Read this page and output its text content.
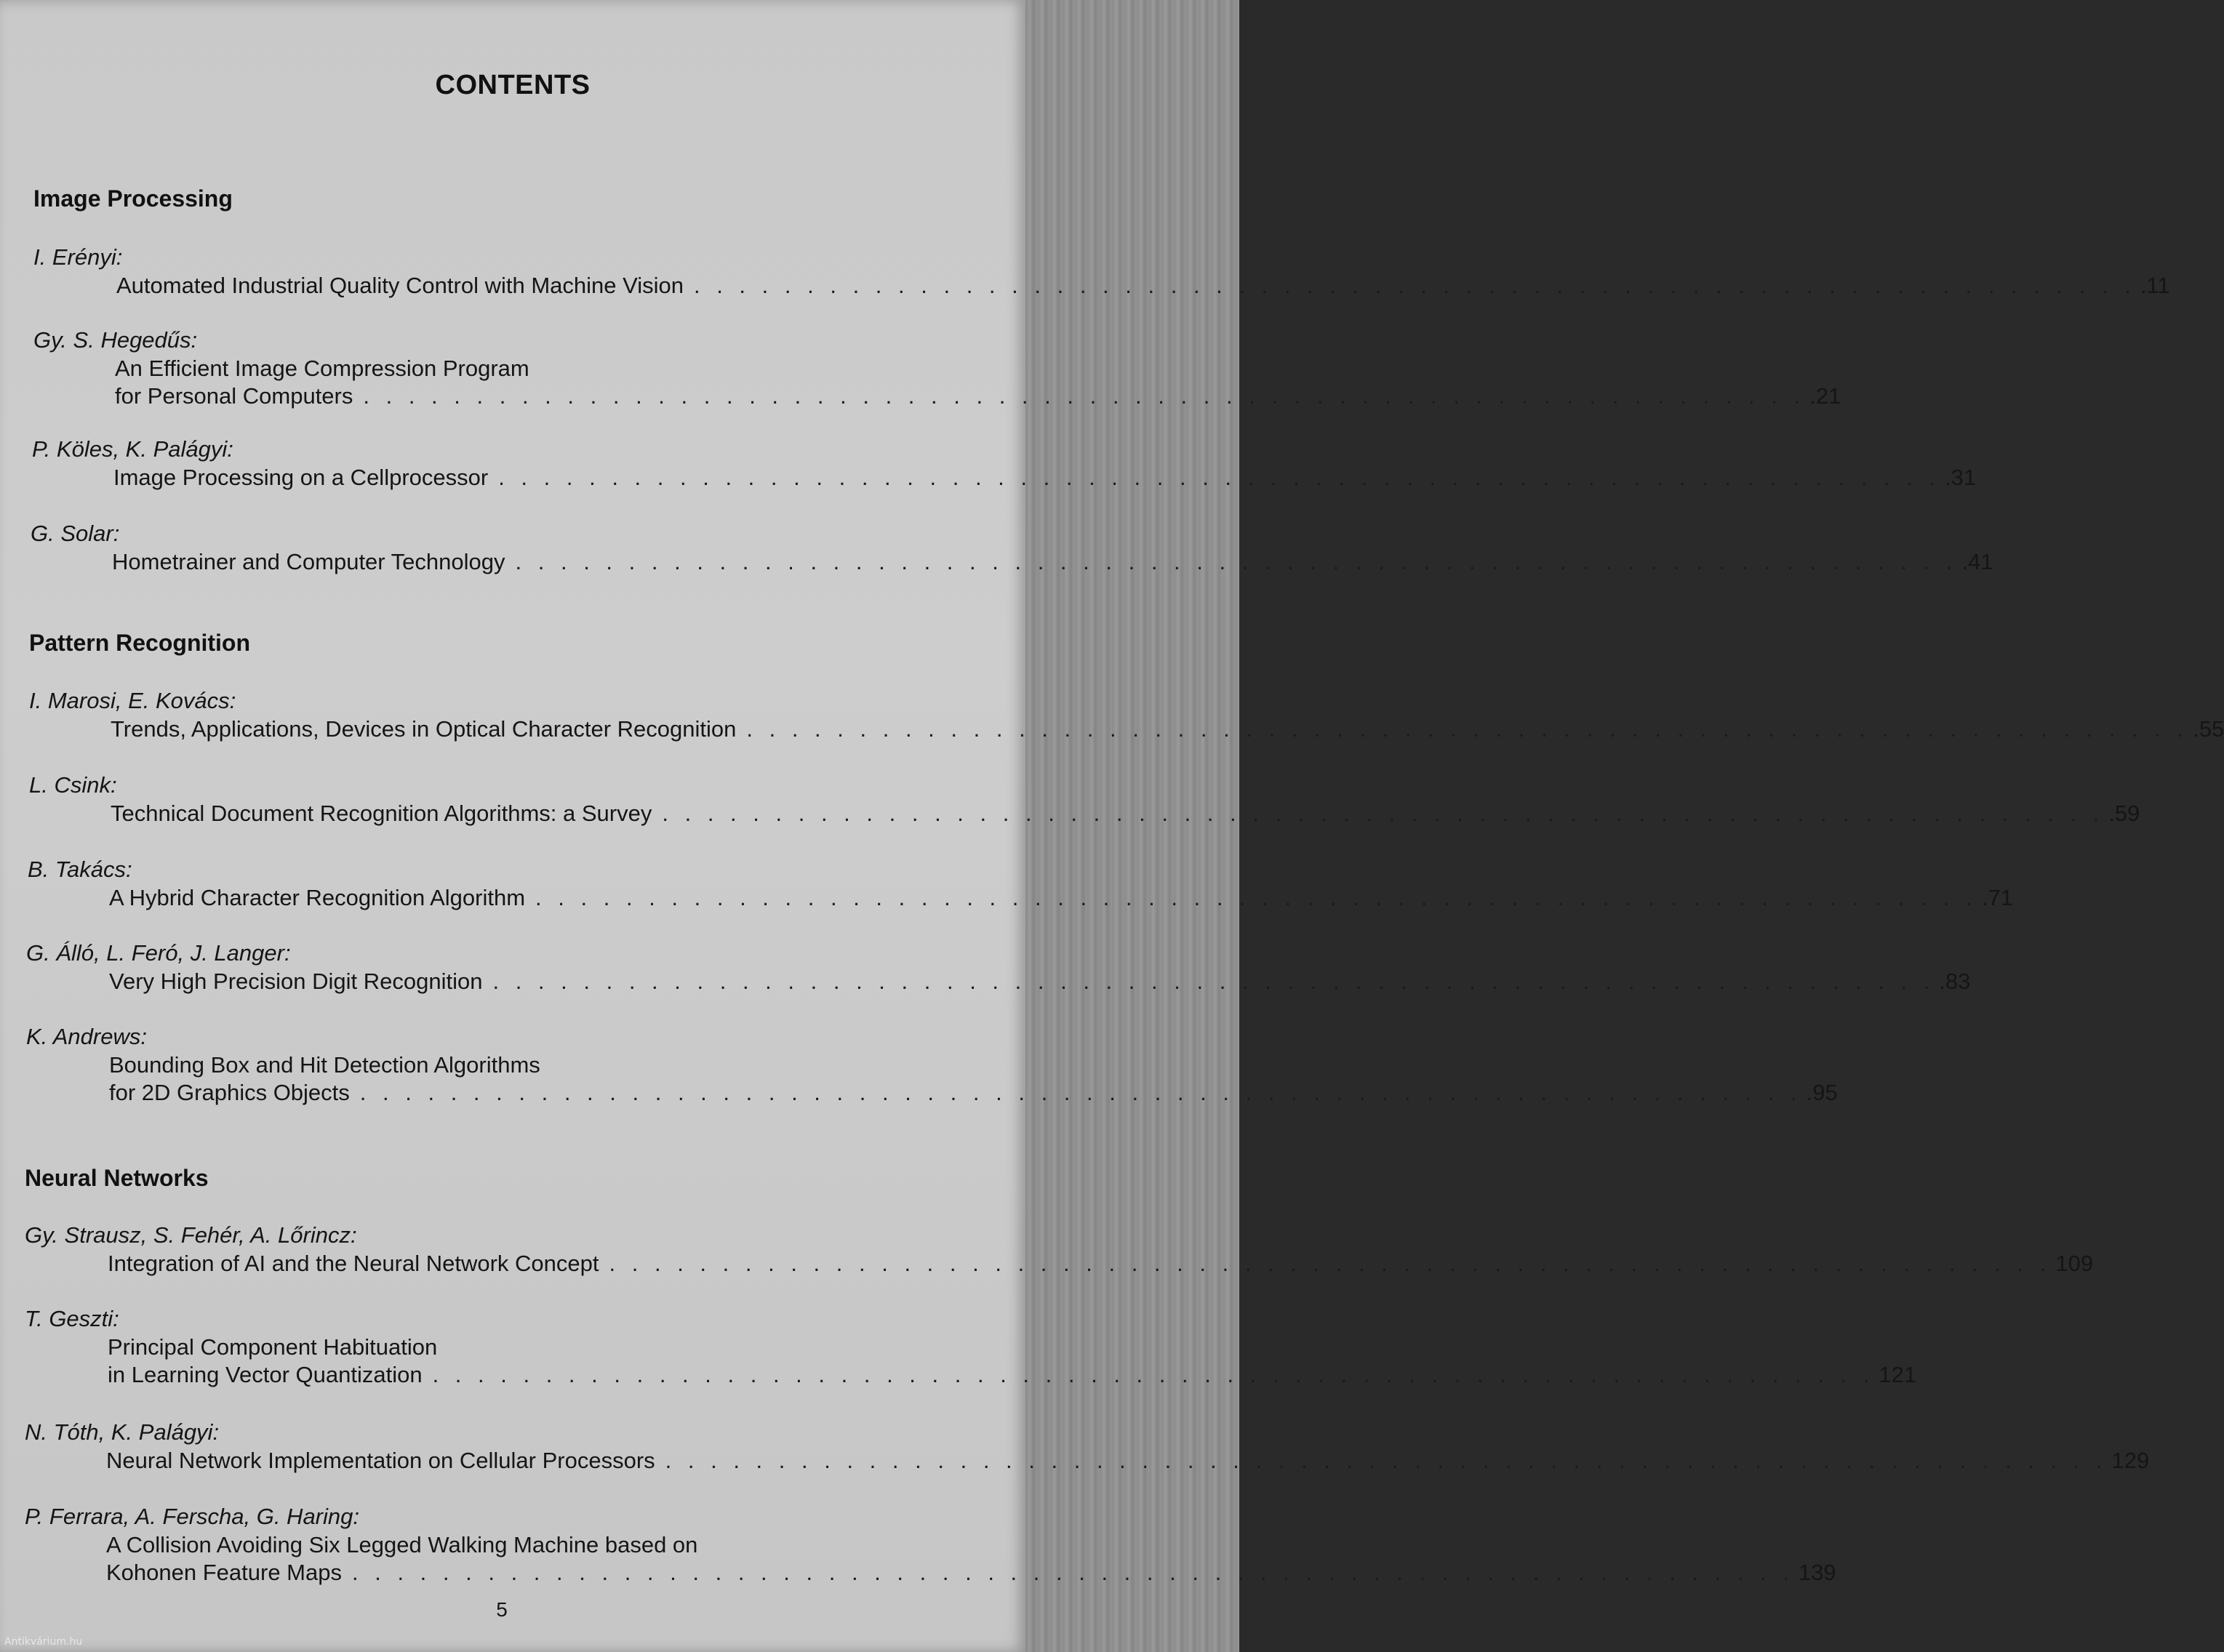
CONTENTS
Image Processing
I. Erényi:
Automated Industrial Quality Control with Machine Vision . . . . . . . . . . . . . . . . . . . . . . . . . . . . . . . . . . . . . . . . . . . . . . . . . . . . . . . . . . . . . . . . .11
Gy. S. Hegedűs:
An Efficient Image Compression Program
for Personal Computers . . . . . . . . . . . . . . . . . . . . . . . . . . . . . . . . . . . . . . . . . . . . . . . . . . . . . . . . . . . . . . . . .21
P. Köles, K. Palágyi:
Image Processing on a Cellprocessor . . . . . . . . . . . . . . . . . . . . . . . . . . . . . . . . . . . . . . . . . . . . . . . . . . . . . . . . . . . . . . . . .31
G. Solar:
Hometrainer and Computer Technology . . . . . . . . . . . . . . . . . . . . . . . . . . . . . . . . . . . . . . . . . . . . . . . . . . . . . . . . . . . . . . . . .41
Pattern Recognition
I. Marosi, E. Kovács:
Trends, Applications, Devices in Optical Character Recognition . . . . . . . . . . . . . . . . . . . . . . . . . . . . . . . . . . . . . . . . . . . . . . . . . . . . . . . . . . . . . . . . .55
L. Csink:
Technical Document Recognition Algorithms: a Survey . . . . . . . . . . . . . . . . . . . . . . . . . . . . . . . . . . . . . . . . . . . . . . . . . . . . . . . . . . . . . . . . .59
B. Takács:
A Hybrid Character Recognition Algorithm . . . . . . . . . . . . . . . . . . . . . . . . . . . . . . . . . . . . . . . . . . . . . . . . . . . . . . . . . . . . . . . . .71
G. Álló, L. Feró, J. Langer:
Very High Precision Digit Recognition . . . . . . . . . . . . . . . . . . . . . . . . . . . . . . . . . . . . . . . . . . . . . . . . . . . . . . . . . . . . . . . . .83
K. Andrews:
Bounding Box and Hit Detection Algorithms
for 2D Graphics Objects . . . . . . . . . . . . . . . . . . . . . . . . . . . . . . . . . . . . . . . . . . . . . . . . . . . . . . . . . . . . . . . . .95
Neural Networks
Gy. Strausz, S. Fehér, A. Lőrincz:
Integration of AI and the Neural Network Concept . . . . . . . . . . . . . . . . . . . . . . . . . . . . . . . . . . . . . . . . . . . . . . . . . . . . . . . . . . . . . . . . 109
T. Geszti:
Principal Component Habituation
in Learning Vector Quantization . . . . . . . . . . . . . . . . . . . . . . . . . . . . . . . . . . . . . . . . . . . . . . . . . . . . . . . . . . . . . . . . 121
N. Tóth, K. Palágyi:
Neural Network Implementation on Cellular Processors . . . . . . . . . . . . . . . . . . . . . . . . . . . . . . . . . . . . . . . . . . . . . . . . . . . . . . . . . . . . . . . . 129
P. Ferrara, A. Ferscha, G. Haring:
A Collision Avoiding Six Legged Walking Machine based on
Kohonen Feature Maps . . . . . . . . . . . . . . . . . . . . . . . . . . . . . . . . . . . . . . . . . . . . . . . . . . . . . . . . . . . . . . . . 139
5
Antikvárium.hu
